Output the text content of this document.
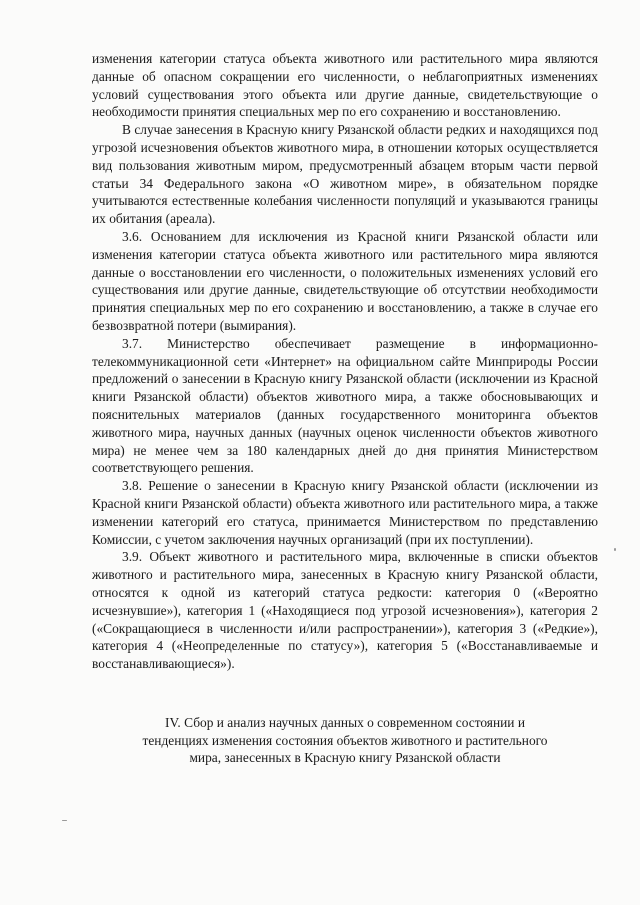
изменения категории статуса объекта животного или растительного мира являются данные об опасном сокращении его численности, о неблагоприятных изменениях условий существования этого объекта или другие данные, свидетельствующие о необходимости принятия специальных мер по его сохранению и восстановлению.

В случае занесения в Красную книгу Рязанской области редких и находящихся под угрозой исчезновения объектов животного мира, в отношении которых осуществляется вид пользования животным миром, предусмотренный абзацем вторым части первой статьи 34 Федерального закона «О животном мире», в обязательном порядке учитываются естественные колебания численности популяций и указываются границы их обитания (ареала).

3.6. Основанием для исключения из Красной книги Рязанской области или изменения категории статуса объекта животного или растительного мира являются данные о восстановлении его численности, о положительных изменениях условий его существования или другие данные, свидетельствующие об отсутствии необходимости принятия специальных мер по его сохранению и восстановлению, а также в случае его безвозвратной потери (вымирания).

3.7. Министерство обеспечивает размещение в информационно-телекоммуникационной сети «Интернет» на официальном сайте Минприроды России предложений о занесении в Красную книгу Рязанской области (исключении из Красной книги Рязанской области) объектов животного мира, а также обосновывающих и пояснительных материалов (данных государственного мониторинга объектов животного мира, научных данных (научных оценок численности объектов животного мира) не менее чем за 180 календарных дней до дня принятия Министерством соответствующего решения.

3.8. Решение о занесении в Красную книгу Рязанской области (исключении из Красной книги Рязанской области) объекта животного или растительного мира, а также изменении категорий его статуса, принимается Министерством по представлению Комиссии, с учетом заключения научных организаций (при их поступлении).

3.9. Объект животного и растительного мира, включенные в списки объектов животного и растительного мира, занесенных в Красную книгу Рязанской области, относятся к одной из категорий статуса редкости: категория 0 («Вероятно исчезнувшие»), категория 1 («Находящиеся под угрозой исчезновения»), категория 2 («Сокращающиеся в численности и/или распространении»), категория 3 («Редкие»), категория 4 («Неопределенные по статусу»), категория 5 («Восстанавливаемые и восстанавливающиеся»).

IV. Сбор и анализ научных данных о современном состоянии и тенденциях изменения состояния объектов животного и растительного мира, занесенных в Красную книгу Рязанской области
